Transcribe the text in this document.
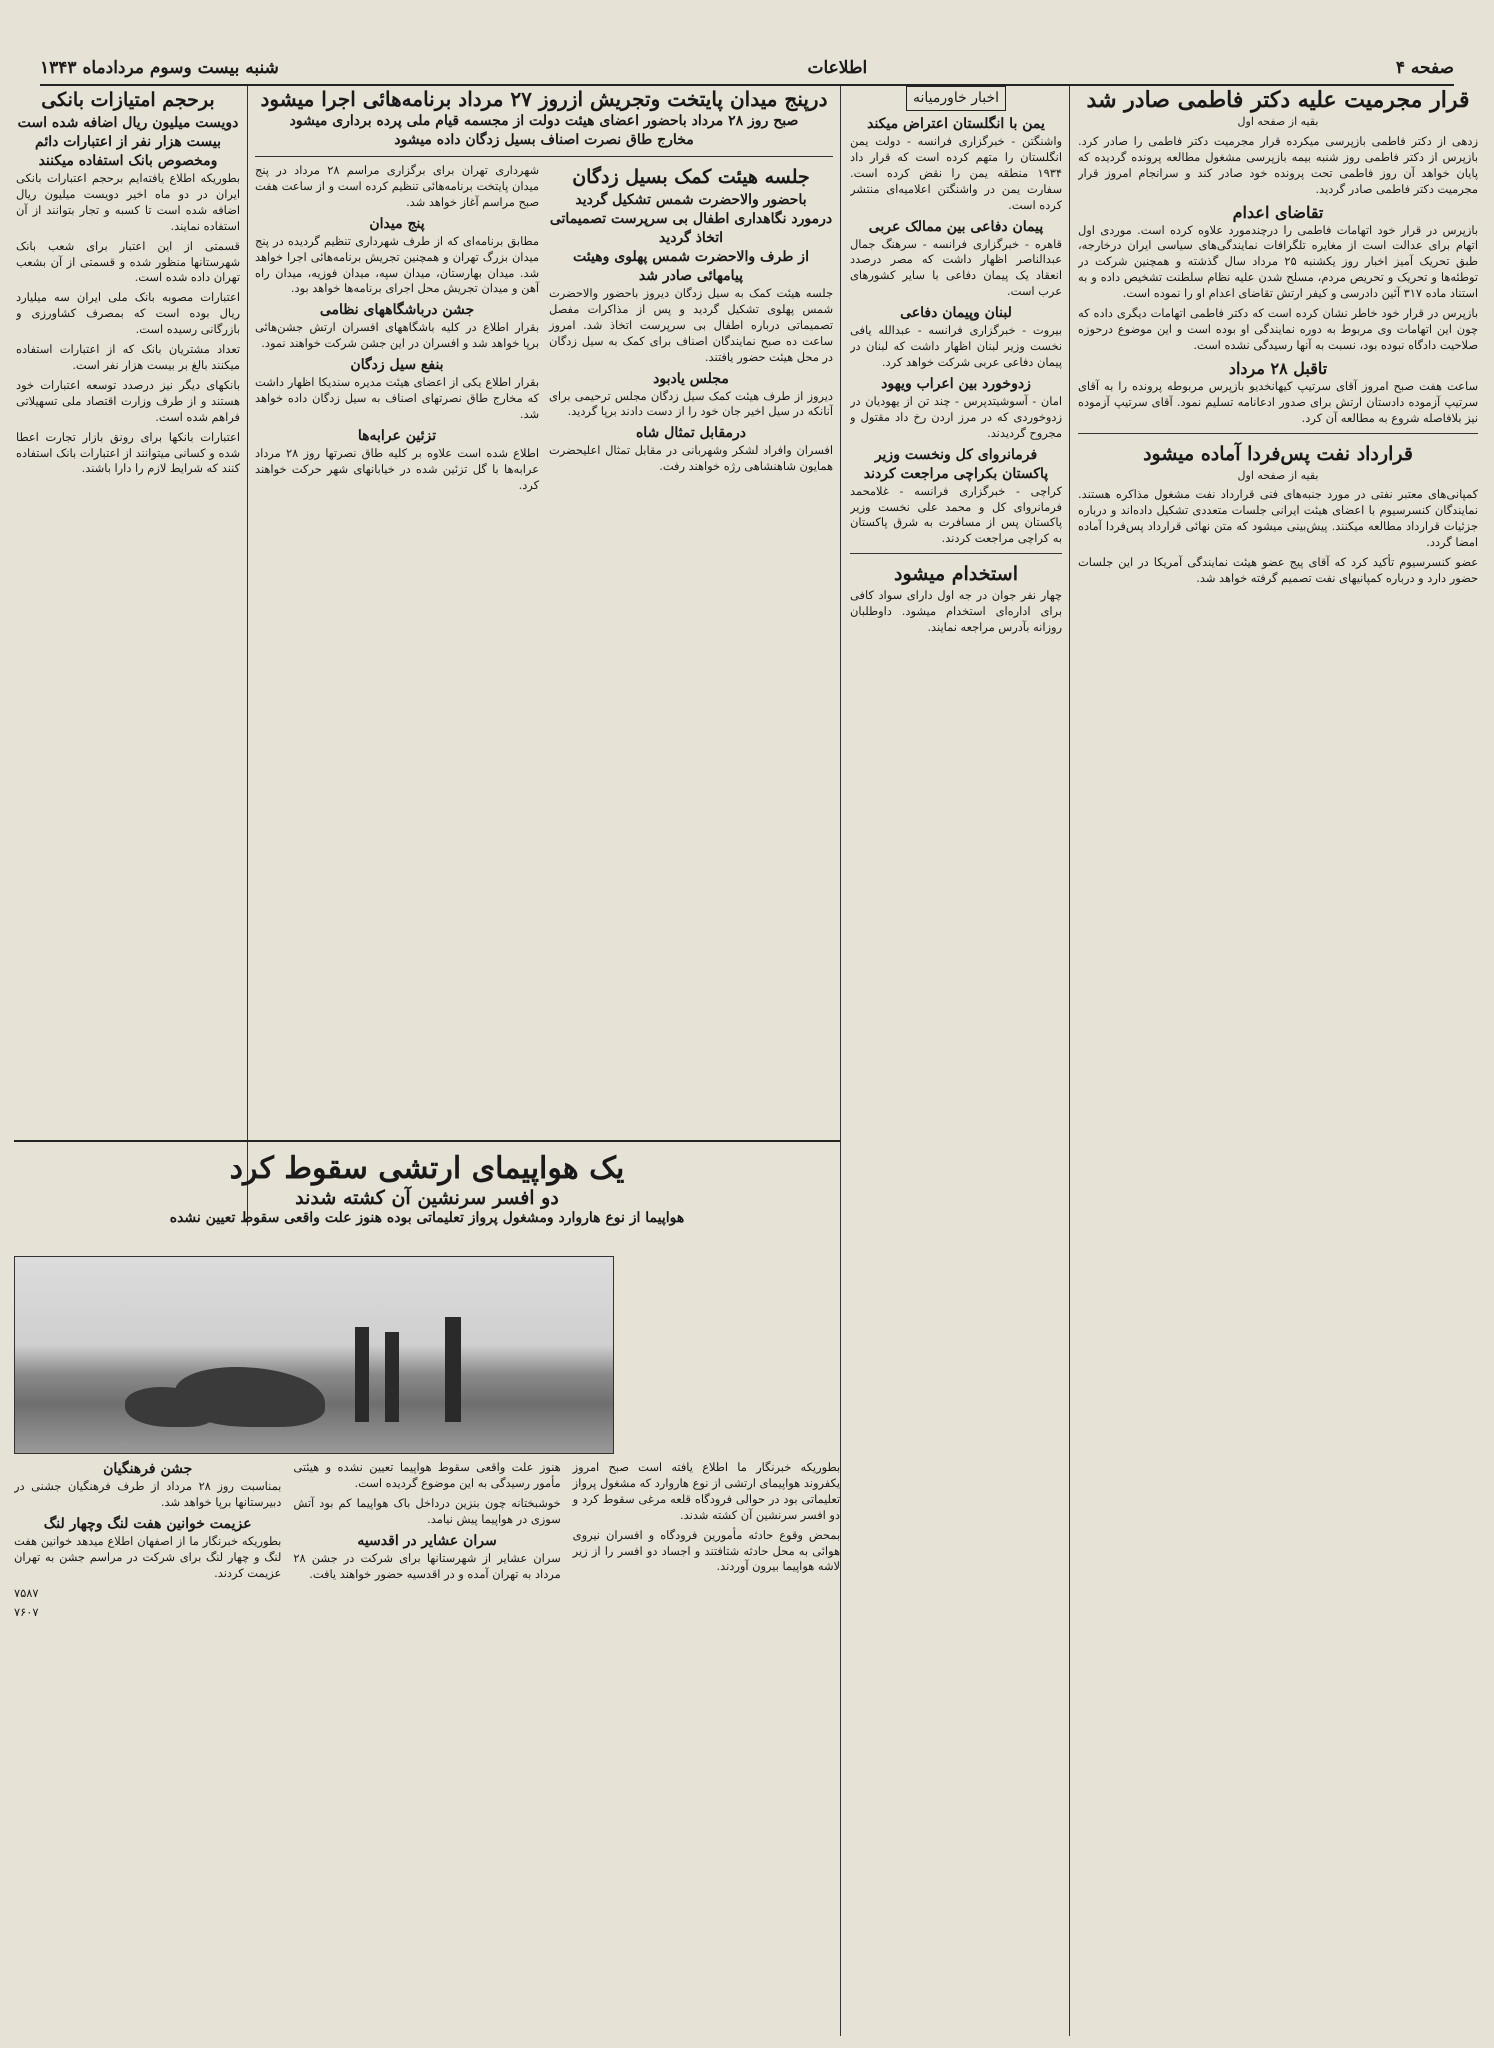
صفحه ۴
اطلاعات
شنبه بیست وسوم مردادماه ۱۳۴۳
قرار مجرمیت علیه دکتر فاطمی صادر شد

بقیه از صفحه اول

زدهی از دکتر فاطمی بازپرسی میکرده قرار مجرمیت دکتر فاطمی را صادر کرد. بازپرس از دکتر فاطمی روز شنبه بیمه بازپرسی مشغول مطالعه پرونده گردیده که پایان خواهد آن روز فاطمی تحت پرونده خود صادر کند و سرانجام امروز قرار مجرمیت دکتر فاطمی صادر گردید.

تقاضای اعدام

بازپرس در قرار خود اتهامات فاطمی را درچندمورد علاوه کرده است. موردی اول اتهام برای عدالت است از مغایره تلگرافات نمایندگی‌های سیاسی ایران درخارجه، طبق تحریک آمیز اخبار روز یکشنبه ۲۵ مرداد سال گذشته و همچنین شرکت در توطئه‌ها و تحریک و تحریص مردم، مسلح شدن علیه نظام سلطنت تشخیص داده و به استناد ماده ۳۱۷ آئین دادرسی و کیفر ارتش تقاضای اعدام او را نموده است.

بازپرس در قرار خود خاطر نشان کرده است که دکتر فاطمی اتهامات دیگری داده که چون این اتهامات وی مربوط به دوره نمایندگی او بوده است و این موضوع درحوزه صلاحیت دادگاه نبوده بود، نسبت به آنها رسیدگی نشده است.

تاقبل ۲۸ مرداد

ساعت هفت صبح امروز آقای سرتیپ کیهانخدیو بازپرس مربوطه پرونده را به آقای سرتیپ آزموده دادستان ارتش برای صدور ادعانامه تسلیم نمود. آقای سرتیپ آزموده نیز بلافاصله شروع به مطالعه آن کرد.

قرارداد نفت پس‌فردا آماده میشود

بقیه از صفحه اول

کمپانی‌های معتبر نفتی در مورد جنبه‌های فنی قرارداد نفت مشغول مذاکره هستند. نمایندگان کنسرسیوم با اعضای هیئت ایرانی جلسات متعددی تشکیل داده‌اند و درباره جزئیات قرارداد مطالعه میکنند. پیش‌بینی میشود که متن نهائی قرارداد پس‌فردا آماده امضا گردد.

عضو کنسرسیوم تأکید کرد که آقای پیج عضو هیئت نمایندگی آمریکا در این جلسات حضور دارد و درباره کمپانیهای نفت تصمیم گرفته خواهد شد.

اخبار خاورمیانه
یمن با انگلستان اعتراض میکند

واشنگتن - خبرگزاری فرانسه - دولت یمن انگلستان را متهم کرده است که قرار داد ۱۹۳۴ منطقه یمن را نقض کرده است. سفارت یمن در واشنگتن اعلامیه‌ای منتشر کرده است.

پیمان دفاعی بین ممالک عربی

قاهره - خبرگزاری فرانسه - سرهنگ جمال عبدالناصر اظهار داشت که مصر درصدد انعقاد یک پیمان دفاعی با سایر کشورهای عرب است.

لبنان وپیمان دفاعی

بیروت - خبرگزاری فرانسه - عبدالله یافی نخست وزیر لبنان اظهار داشت که لبنان در پیمان دفاعی عربی شرکت خواهد کرد.

زدوخورد بین اعراب ویهود

امان - آسوشیتدپرس - چند تن از یهودیان در زدوخوردی که در مرز اردن رخ داد مقتول و مجروح گردیدند.

فرمانروای کل ونخست وزیر پاکستان بکراچی مراجعت کردند

کراچی - خبرگزاری فرانسه - غلامحمد فرمانروای کل و محمد علی نخست وزیر پاکستان پس از مسافرت به شرق پاکستان به کراچی مراجعت کردند.

استخدام میشود

چهار نفر جوان در جه اول دارای سواد کافی برای اداره‌ای استخدام میشود. داوطلبان روزانه بآدرس مراجعه نمایند.

درپنج میدان پایتخت وتجریش ازروز ۲۷ مرداد برنامه‌هائی اجرا میشود
صبح روز ۲۸ مرداد باحضور اعضای هیئت دولت از مجسمه قیام ملی پرده برداری میشود
مخارج طاق نصرت اصناف بسیل زدگان داده میشود
جلسه هیئت کمک بسیل زدگان
باحضور والاحضرت شمس تشکیل گردید
درمورد نگاهداری اطفال بی سرپرست تصمیماتی اتخاذ گردید
از طرف والاحضرت شمس پهلوی وهیئت پیامهائی صادر شد

جلسه هیئت کمک به سیل زدگان دیروز باحضور والاحضرت شمس پهلوی تشکیل گردید و پس از مذاکرات مفصل تصمیماتی درباره اطفال بی سرپرست اتخاذ شد. امروز ساعت ده صبح نمایندگان اصناف برای کمک به سیل زدگان در محل هیئت حضور یافتند.

مجلس یادبود

دیروز از طرف هیئت کمک سیل زدگان مجلس ترحیمی برای آنانکه در سیل اخیر جان خود را از دست دادند برپا گردید.

درمقابل تمثال شاه

افسران وافراد لشکر وشهربانی در مقابل تمثال اعلیحضرت همایون شاهنشاهی رژه خواهند رفت.

شهرداری تهران برای برگزاری مراسم ۲۸ مرداد در پنج میدان پایتخت برنامه‌هائی تنظیم کرده است و از ساعت هفت صبح مراسم آغاز خواهد شد.

پنج میدان

مطابق برنامه‌ای که از طرف شهرداری تنظیم گردیده در پنج میدان بزرگ تهران و همچنین تجریش برنامه‌هائی اجرا خواهد شد. میدان بهارستان، میدان سپه، میدان فوزیه، میدان راه آهن و میدان تجریش محل اجرای برنامه‌ها خواهد بود.

جشن درباشگاههای نظامی

بقرار اطلاع در کلیه باشگاههای افسران ارتش جشن‌هائی برپا خواهد شد و افسران در این جشن شرکت خواهند نمود.

بنفع سیل زدگان

بقرار اطلاع یکی از اعضای هیئت مدیره سندیکا اظهار داشت که مخارج طاق نصرتهای اصناف به سیل زدگان داده خواهد شد.

تزئین عرابه‌ها

اطلاع شده است علاوه بر کلیه طاق نصرتها روز ۲۸ مرداد عرابه‌ها با گل تزئین شده در خیابانهای شهر حرکت خواهند کرد.

برحجم امتیازات بانکی
دویست میلیون ریال اضافه شده است
بیست هزار نفر از اعتبارات دائم ومخصوص بانک استفاده میکنند

بطوریکه اطلاع یافته‌ایم برحجم اعتبارات بانکی ایران در دو ماه اخیر دویست میلیون ریال اضافه شده است تا کسبه و تجار بتوانند از آن استفاده نمایند.

قسمتی از این اعتبار برای شعب بانک شهرستانها منظور شده و قسمتی از آن بشعب تهران داده شده است.

اعتبارات مصوبه بانک ملی ایران سه میلیارد ریال بوده است که بمصرف کشاورزی و بازرگانی رسیده است.

تعداد مشتریان بانک که از اعتبارات استفاده میکنند بالغ بر بیست هزار نفر است.

بانکهای دیگر نیز درصدد توسعه اعتبارات خود هستند و از طرف وزارت اقتصاد ملی تسهیلاتی فراهم شده است.

اعتبارات بانکها برای رونق بازار تجارت اعطا شده و کسانی میتوانند از اعتبارات بانک استفاده کنند که شرایط لازم را دارا باشند.

یک هواپیمای ارتشی سقوط کرد
دو افسر سرنشین آن کشته شدند
هواپیما از نوع هاروارد ومشغول پرواز تعلیماتی بوده هنوز علت واقعی سقوط تعیین نشده

بطوریکه خبرنگار ما اطلاع یافته است صبح امروز یکفروند هواپیمای ارتشی از نوع هاروارد که مشغول پرواز تعلیماتی بود در حوالی فرودگاه قلعه مرغی سقوط کرد و دو افسر سرنشین آن کشته شدند.

بمحض وقوع حادثه مأمورین فرودگاه و افسران نیروی هوائی به محل حادثه شتافتند و اجساد دو افسر را از زیر لاشه هواپیما بیرون آوردند.

هنوز علت واقعی سقوط هواپیما تعیین نشده و هیئتی مأمور رسیدگی به این موضوع گردیده است.

خوشبختانه چون بنزین درداخل باک هواپیما کم بود آتش سوزی در هواپیما پیش نیامد.

سران عشایر در اقدسیه

سران عشایر از شهرستانها برای شرکت در جشن ۲۸ مرداد به تهران آمده و در اقدسیه حضور خواهند یافت.

جشن فرهنگیان

بمناسبت روز ۲۸ مرداد از طرف فرهنگیان جشنی در دبیرستانها برپا خواهد شد.

عزیمت خوانین هفت لنگ وچهار لنگ

بطوریکه خبرنگار ما از اصفهان اطلاع میدهد خوانین هفت لنگ و چهار لنگ برای شرکت در مراسم جشن به تهران عزیمت کردند.

۷۵۸۷

۷۶۰۷
